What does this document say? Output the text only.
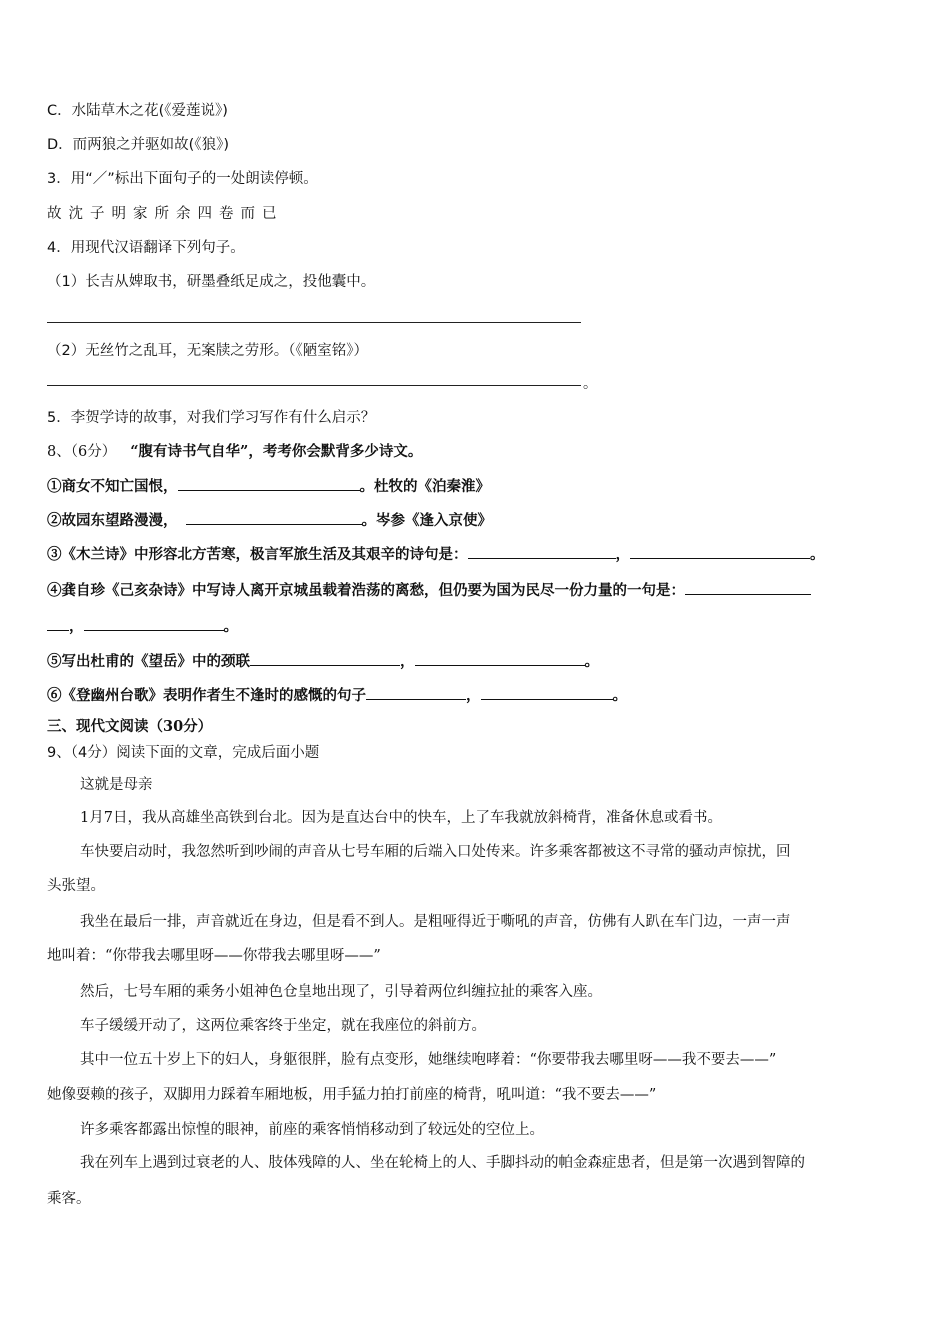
C．水陆草木之花(《爱莲说》)
D．而两狼之并驱如故(《狼》)
3．用“／”标出下面句子的一处朗读停顿。
故沈子明家所余四卷而已
4．用现代汉语翻译下列句子。
（1）长吉从婢取书，研墨叠纸足成之，投他囊中。
（2）无丝竹之乱耳，无案牍之劳形。（《陋室铭》）
。
5．李贺学诗的故事，对我们学习写作有什么启示？
8、（6分） “腹有诗书气自华”，考考你会默背多少诗文。
①商女不知亡国恨，	。杜牧的《泊秦淮》
②故园东望路漫漫，	。岑参《逢入京使》
③《木兰诗》中形容北方苦寒，极言军旅生活及其艰辛的诗句是：	，	。
④龚自珍《己亥杂诗》中写诗人离开京城虽载着浩荡的离愁，但仍要为国为民尽一份力量的一句是：
，	。
⑤写出杜甫的《望岳》中的颈联	，	。
⑥《登幽州台歌》表明作者生不逢时的感慨的句子	，	。
三、现代文阅读（30分）
9、（4分）阅读下面的文章，完成后面小题
这就是母亲
1月7日，我从高雄坐高铁到台北。因为是直达台中的快车，上了车我就放斜椅背，准备休息或看书。
车快要启动时，我忽然听到吵闹的声音从七号车厢的后端入口处传来。许多乘客都被这不寻常的骚动声惊扰，回
头张望。
我坐在最后一排，声音就近在身边，但是看不到人。是粗哑得近于嘶吼的声音，仿佛有人趴在车门边，一声一声
地叫着：“你带我去哪里呀——你带我去哪里呀——”
然后，七号车厢的乘务小姐神色仓皇地出现了，引导着两位纠缠拉扯的乘客入座。
车子缓缓开动了，这两位乘客终于坐定，就在我座位的斜前方。
其中一位五十岁上下的妇人，身躯很胖，脸有点变形，她继续咆哮着：“你要带我去哪里呀——我不要去——”
她像耍赖的孩子，双脚用力踩着车厢地板，用手猛力拍打前座的椅背，吼叫道：“我不要去——”
许多乘客都露出惊惶的眼神，前座的乘客悄悄移动到了较远处的空位上。
我在列车上遇到过衰老的人、肢体残障的人、坐在轮椅上的人、手脚抖动的帕金森症患者，但是第一次遇到智障的
乘客。
